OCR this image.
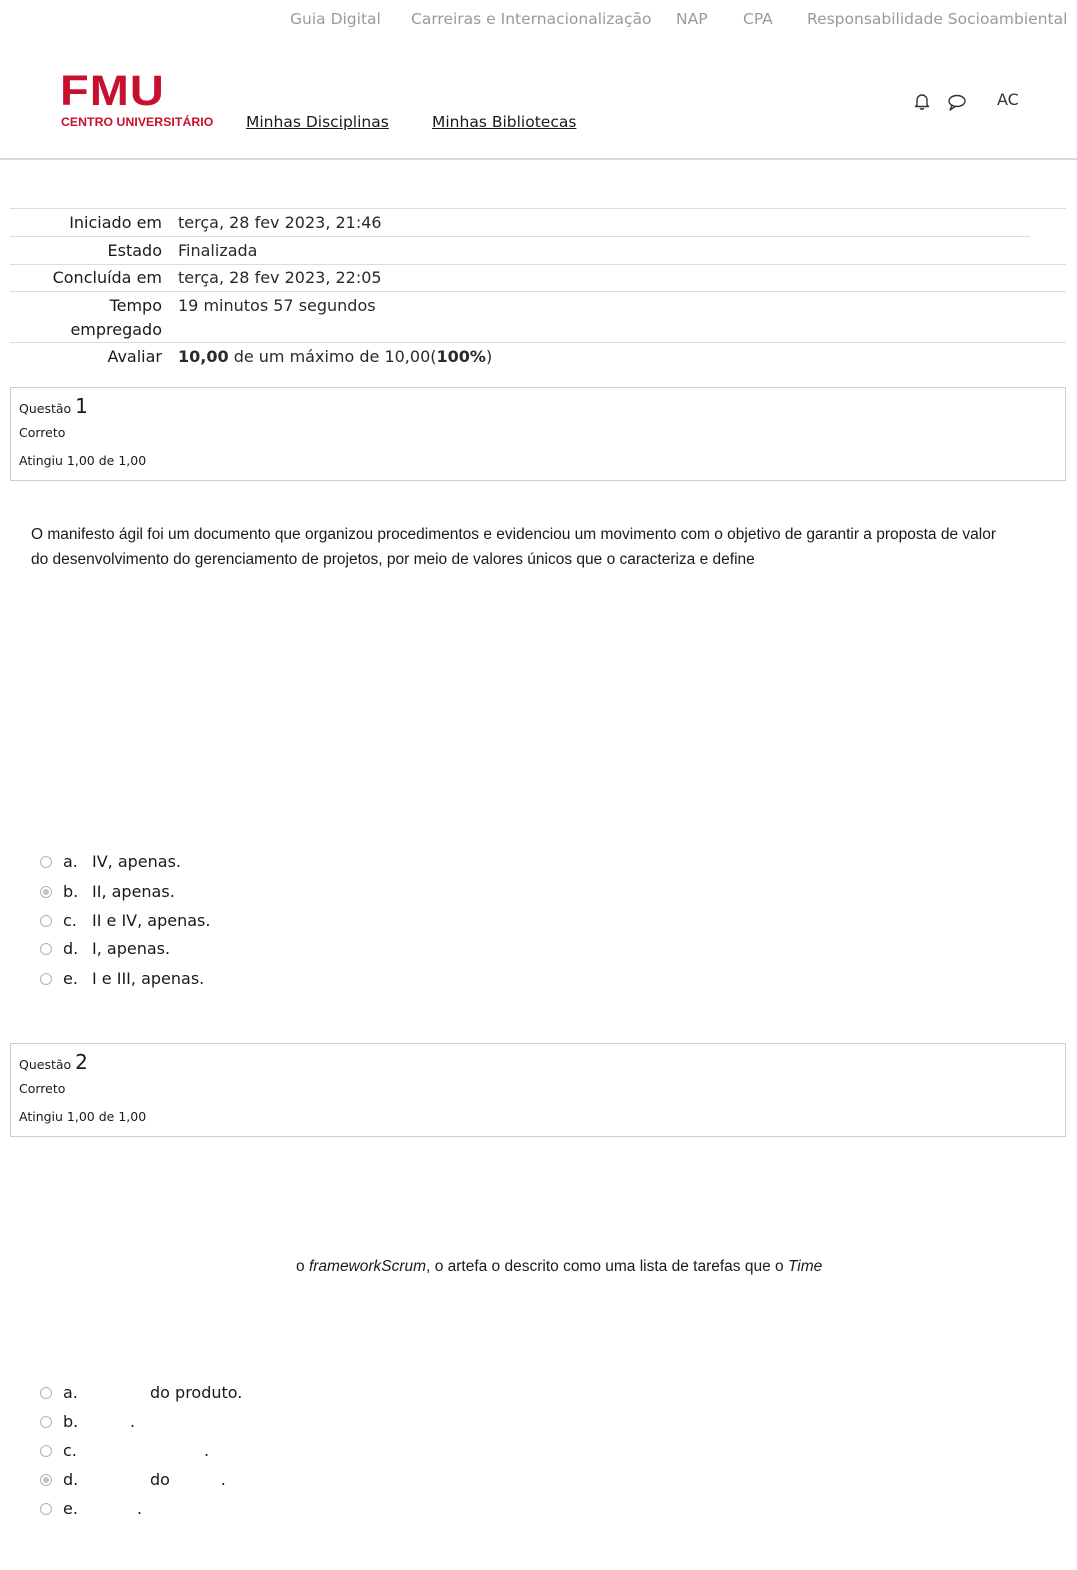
Guia Digital Carreiras e Internacionalização NAP CPA Responsabilidade Socioambiental
FMU
CENTRO UNIVERSITÁRIO Minhas Disciplinas	Minhas Bibliotecas
AC
Iniciado em terça, 28 fev 2023, 21:46
Estado Finalizada
Concluída em terça, 28 fev 2023, 22:05
Tempo
empregado
19 minutos 57 segundos
Avaliar 10,00 de um máximo de 10,00(100%)
Questão 1
Correto
Atingiu 1,00 de 1,00
O manifesto ágil foi um documento que organizou procedimentos e evidenciou um movimento com o objetivo de garantir a proposta de valor
do desenvolvimento do gerenciamento de projetos, por meio de valores únicos que o caracteriza e define
a. IV, apenas.
b. II, apenas.
c. II e IV, apenas.
d. I, apenas.
e. I e III, apenas.
Questão 2
Correto
Atingiu 1,00 de 1,00
o frameworkScrum, o artefa o descrito como uma lista de tarefas que o Time
a.	do produto.
b.	.
c.	.
d.	do          .
e.	.
